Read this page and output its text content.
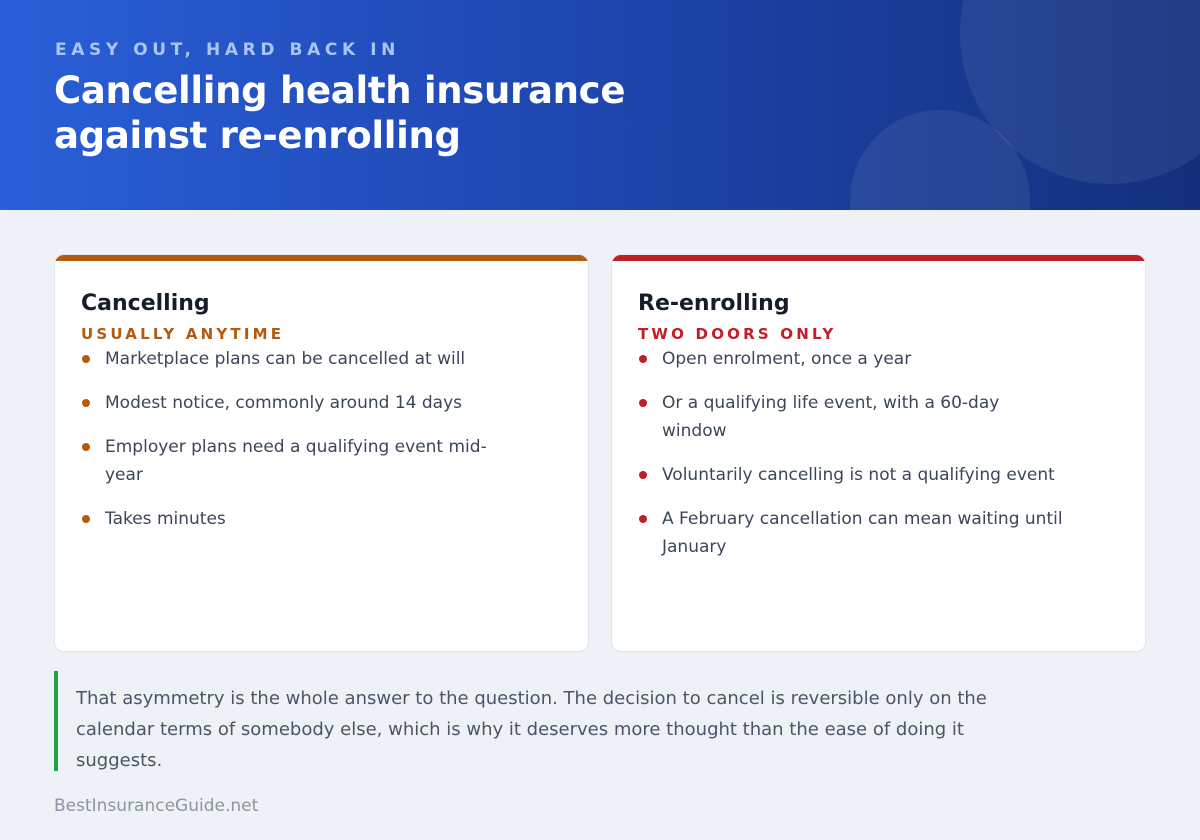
EASY OUT, HARD BACK IN
Cancelling health insurance against re-enrolling
Cancelling
USUALLY ANYTIME
Marketplace plans can be cancelled at will
Modest notice, commonly around 14 days
Employer plans need a qualifying event mid-year
Takes minutes
Re-enrolling
TWO DOORS ONLY
Open enrolment, once a year
Or a qualifying life event, with a 60-day window
Voluntarily cancelling is not a qualifying event
A February cancellation can mean waiting until January
That asymmetry is the whole answer to the question. The decision to cancel is reversible only on the calendar terms of somebody else, which is why it deserves more thought than the ease of doing it suggests.
BestInsuranceGuide.net
